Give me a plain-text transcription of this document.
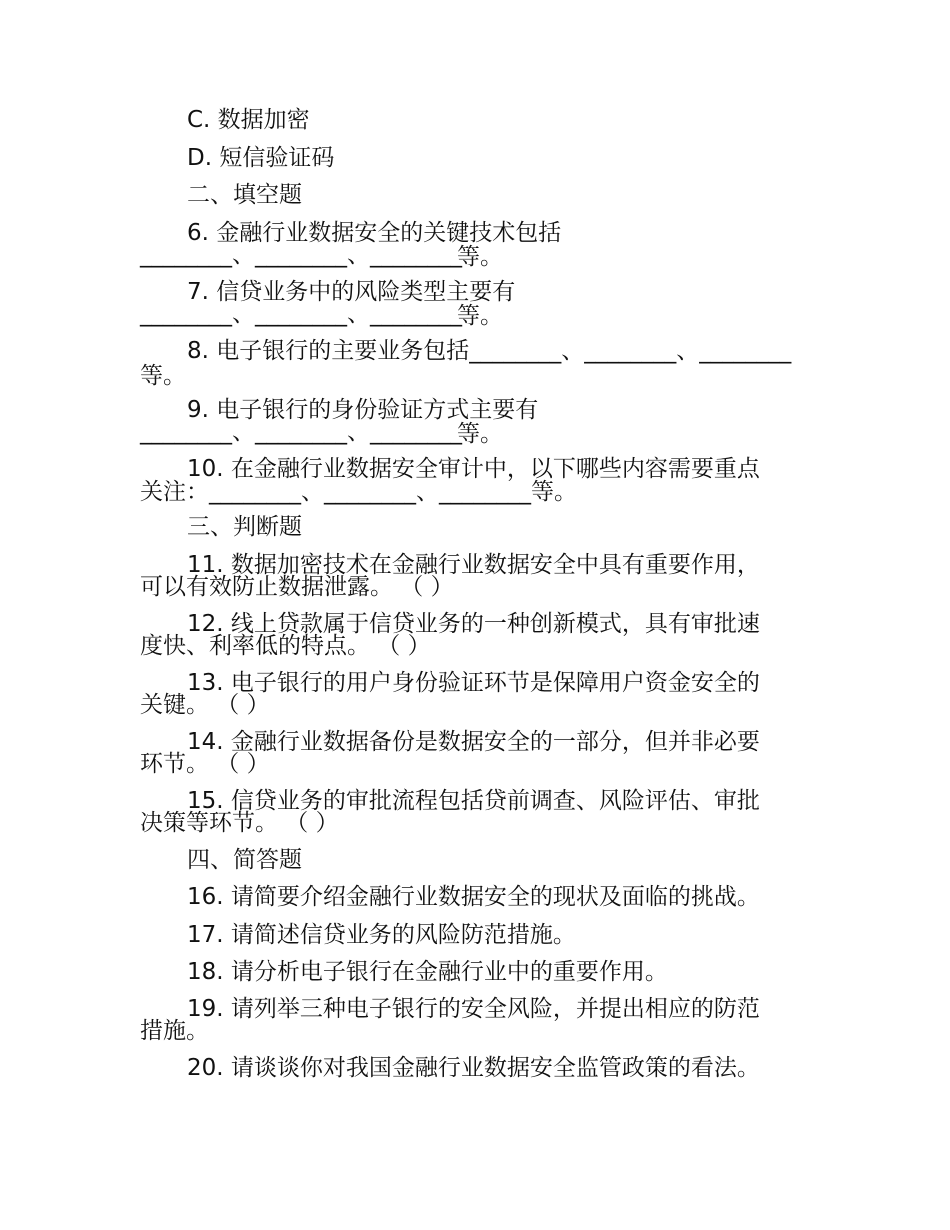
C. 数据加密
D. 短信验证码
二、填空题
6. 金融行业数据安全的关键技术包括
________、________、________
等。
7. 信贷业务中的风险类型主要有
________、________、________
等。
8. 电子银行的主要业务包括________、________、________
等。
9. 电子银行的身份验证方式主要有
________、________、________
等。
10. 在金融行业数据安全审计中，以下哪些内容需要重点
关注：________、________、________等。
三、判断题
11. 数据加密技术在金融行业数据安全中具有重要作用，
可以有效防止数据泄露。 （ ）
12. 线上贷款属于信贷业务的一种创新模式，具有审批速
度快、利率低的特点。 （ ）
13. 电子银行的用户身份验证环节是保障用户资金安全的
关键。 （ ）
14. 金融行业数据备份是数据安全的一部分，但并非必要
环节。 （ ）
15. 信贷业务的审批流程包括贷前调查、风险评估、审批
决策等环节。 （ ）
四、简答题
16. 请简要介绍金融行业数据安全的现状及面临的挑战。
17. 请简述信贷业务的风险防范措施。
18. 请分析电子银行在金融行业中的重要作用。
19. 请列举三种电子银行的安全风险，并提出相应的防范
措施。
20. 请谈谈你对我国金融行业数据安全监管政策的看法。
